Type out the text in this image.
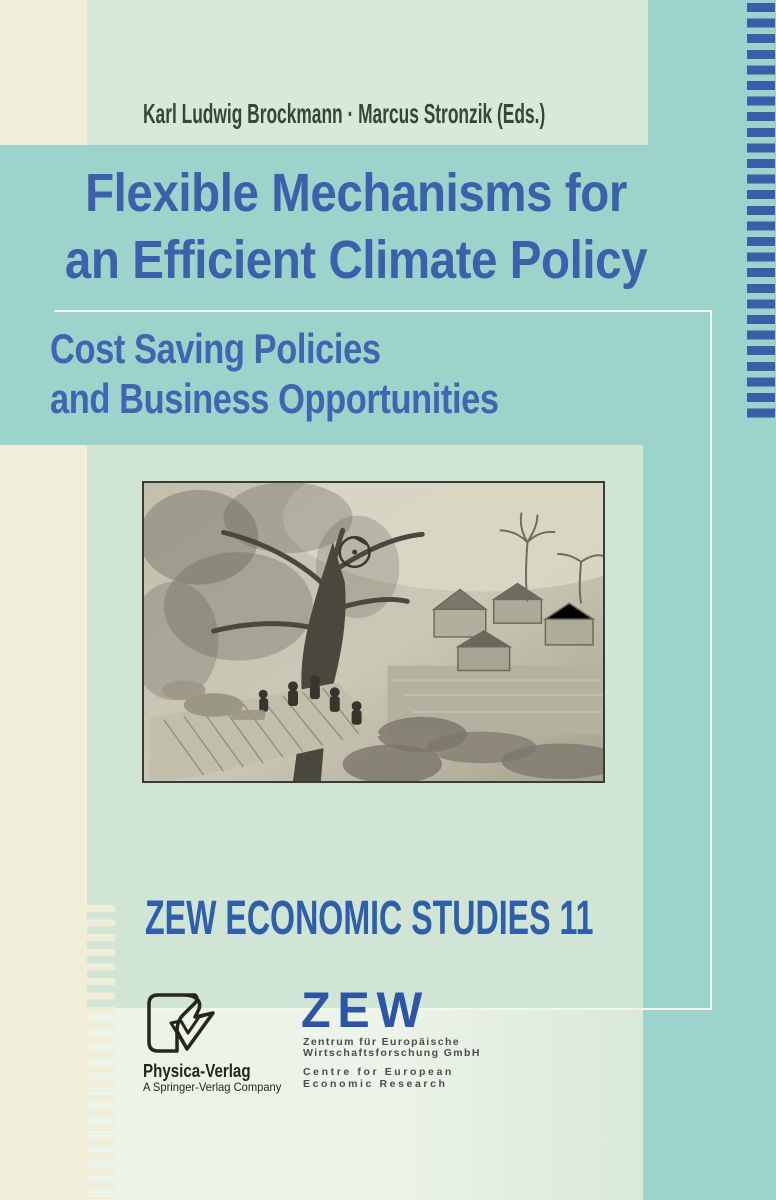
Karl Ludwig Brockmann · Marcus Stronzik (Eds.)
Flexible Mechanisms for
an Efficient Climate Policy
Cost Saving Policies
and Business Opportunities
ZEW ECONOMIC STUDIES 11
Physica-Verlag
A Springer-Verlag Company
ZEW
Zentrum für Europäische
Wirtschaftsforschung GmbH
Centre for European
Economic Research
